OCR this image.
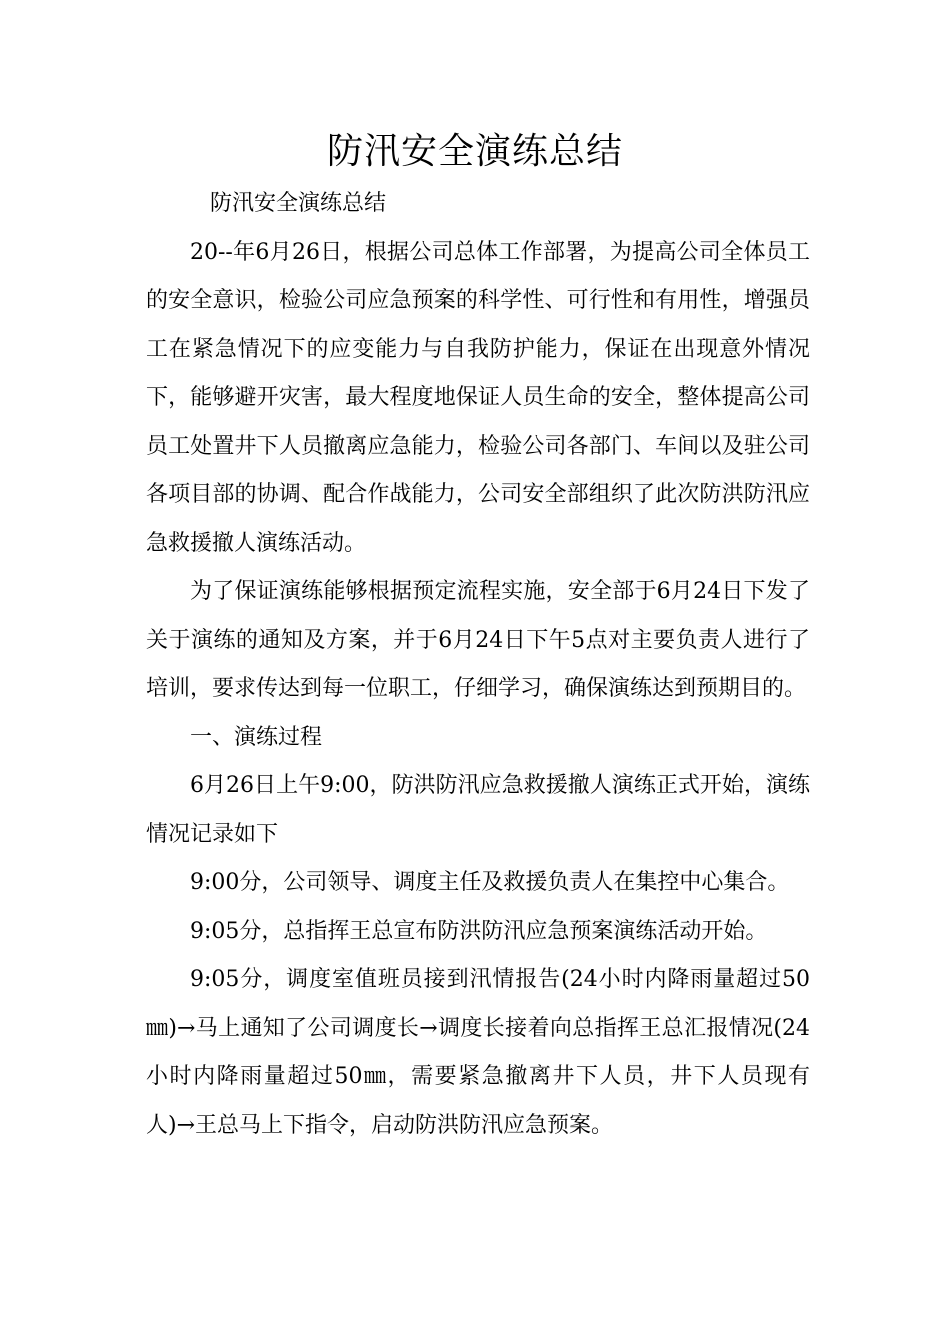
防汛安全演练总结

防汛安全演练总结

20--年6月26日，根据公司总体工作部署，为提高公司全体员工的安全意识，检验公司应急预案的科学性、可行性和有用性，增强员工在紧急情况下的应变能力与自我防护能力，保证在出现意外情况下，能够避开灾害，最大程度地保证人员生命的安全，整体提高公司员工处置井下人员撤离应急能力，检验公司各部门、车间以及驻公司各项目部的协调、配合作战能力，公司安全部组织了此次防洪防汛应急救援撤人演练活动。

为了保证演练能够根据预定流程实施，安全部于6月24日下发了关于演练的通知及方案，并于6月24日下午5点对主要负责人进行了培训，要求传达到每一位职工，仔细学习，确保演练达到预期目的。

一、演练过程

6月26日上午9:00，防洪防汛应急救援撤人演练正式开始，演练情况记录如下

9:00分，公司领导、调度主任及救援负责人在集控中心集合。

9:05分，总指挥王总宣布防洪防汛应急预案演练活动开始。

9:05分，调度室值班员接到汛情报告(24小时内降雨量超过50㎜)→马上通知了公司调度长→调度长接着向总指挥王总汇报情况(24小时内降雨量超过50㎜，需要紧急撤离井下人员，井下人员现有人)→王总马上下指令，启动防洪防汛应急预案。
